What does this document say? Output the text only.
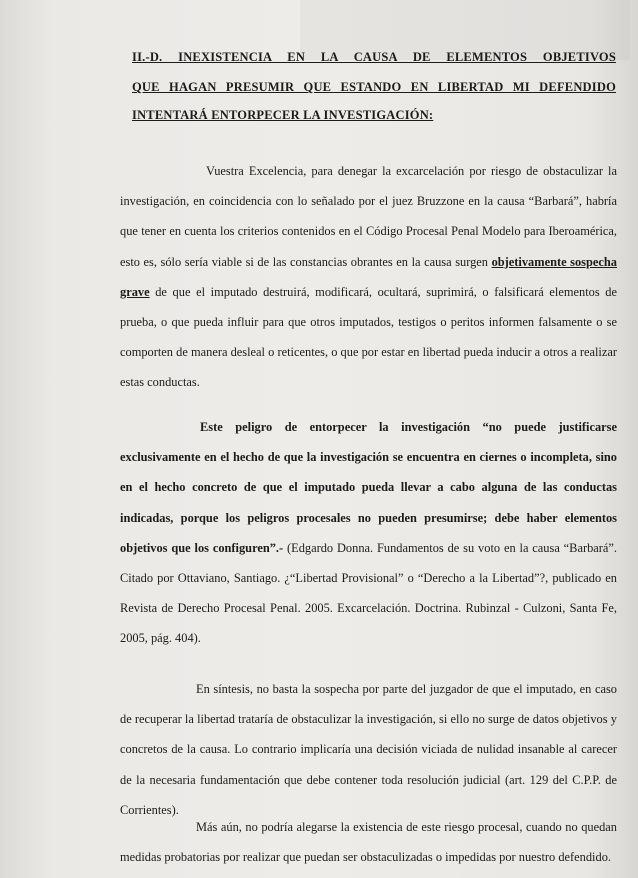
II.-D. INEXISTENCIA EN LA CAUSA DE ELEMENTOS OBJETIVOS
QUE HAGAN PRESUMIR QUE ESTANDO EN LIBERTAD MI DEFENDIDO
INTENTARÁ ENTORPECER LA INVESTIGACIÓN:
Vuestra Excelencia, para denegar la excarcelación por riesgo de obstaculizar la investigación, en coincidencia con lo señalado por el juez Bruzzone en la causa “Barbará”, habría que tener en cuenta los criterios contenidos en el Código Procesal Penal Modelo para Iberoamérica, esto es, sólo sería viable si de las constancias obrantes en la causa surgen objetivamente sospecha grave de que el imputado destruirá, modificará, ocultará, suprimirá, o falsificará elementos de prueba, o que pueda influir para que otros imputados, testigos o peritos informen falsamente o se comporten de manera desleal o reticentes, o que por estar en libertad pueda inducir a otros a realizar estas conductas.
Este peligro de entorpecer la investigación “no puede justificarse exclusivamente en el hecho de que la investigación se encuentra en ciernes o incompleta, sino en el hecho concreto de que el imputado pueda llevar a cabo alguna de las conductas indicadas, porque los peligros procesales no pueden presumirse; debe haber elementos objetivos que los configuren”.- (Edgardo Donna. Fundamentos de su voto en la causa “Barbará”. Citado por Ottaviano, Santiago. ¿“Libertad Provisional” o “Derecho a la Libertad”?, publicado en Revista de Derecho Procesal Penal. 2005. Excarcelación. Doctrina. Rubinzal - Culzoni, Santa Fe, 2005, pág. 404).
En síntesis, no basta la sospecha por parte del juzgador de que el imputado, en caso de recuperar la libertad trataría de obstaculizar la investigación, si ello no surge de datos objetivos y concretos de la causa. Lo contrario implicaría una decisión viciada de nulidad insanable al carecer de la necesaria fundamentación que debe contener toda resolución judicial (art. 129 del C.P.P. de Corrientes).
Más aún, no podría alegarse la existencia de este riesgo procesal, cuando no quedan medidas probatorias por realizar que puedan ser obstaculizadas o impedidas por nuestro defendido.
